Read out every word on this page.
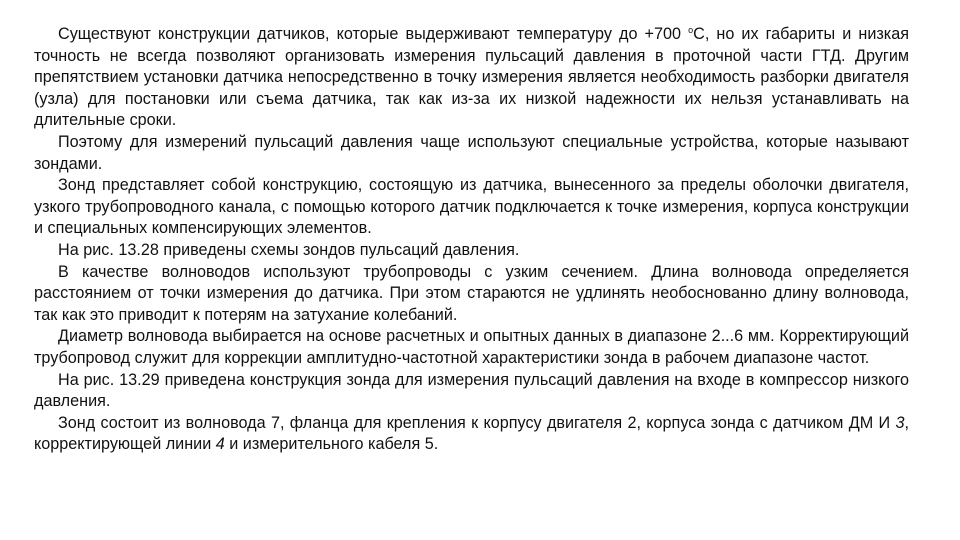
Существуют конструкции датчиков, которые выдерживают температуру до +700 $^о$С, но их габариты и низкая точность не всегда позволяют организовать измерения пульсаций давления в проточной части ГТД. Другим препятствием установки датчика непосредственно в точку измерения является необходимость разборки двигателя (узла) для постановки или съема датчика, так как из-за их низкой надежности их нельзя устанавливать на длительные сроки.

Поэтому для измерений пульсаций давления чаще используют специальные устройства, которые называют зондами.

Зонд представляет собой конструкцию, состоящую из датчика, вынесенного за пределы оболочки двигателя, узкого трубопроводного канала, с помощью которого датчик подключается к точке измерения, корпуса конструкции и специальных компенсирующих элементов.

На рис. 13.28 приведены схемы зондов пульсаций давления.

В качестве волноводов используют трубопроводы с узким сечением. Длина волновода определяется расстоянием от точки измерения до датчика. При этом стараются не удлинять необоснованно длину волновода, так как это приводит к потерям на затухание колебаний.

Диаметр волновода выбирается на основе расчетных и опытных данных в диапазоне 2...6 мм. Корректирующий трубопровод служит для коррекции амплитудно-частотной характеристики зонда в рабочем диапазоне частот.

На рис. 13.29 приведена конструкция зонда для измерения пульсаций давления на входе в компрессор низкого давления.

Зонд состоит из волновода 7, фланца для крепления к корпусу двигателя 2, корпуса зонда с датчиком ДМ И 3, корректирующей линии 4 и измерительного кабеля 5.
